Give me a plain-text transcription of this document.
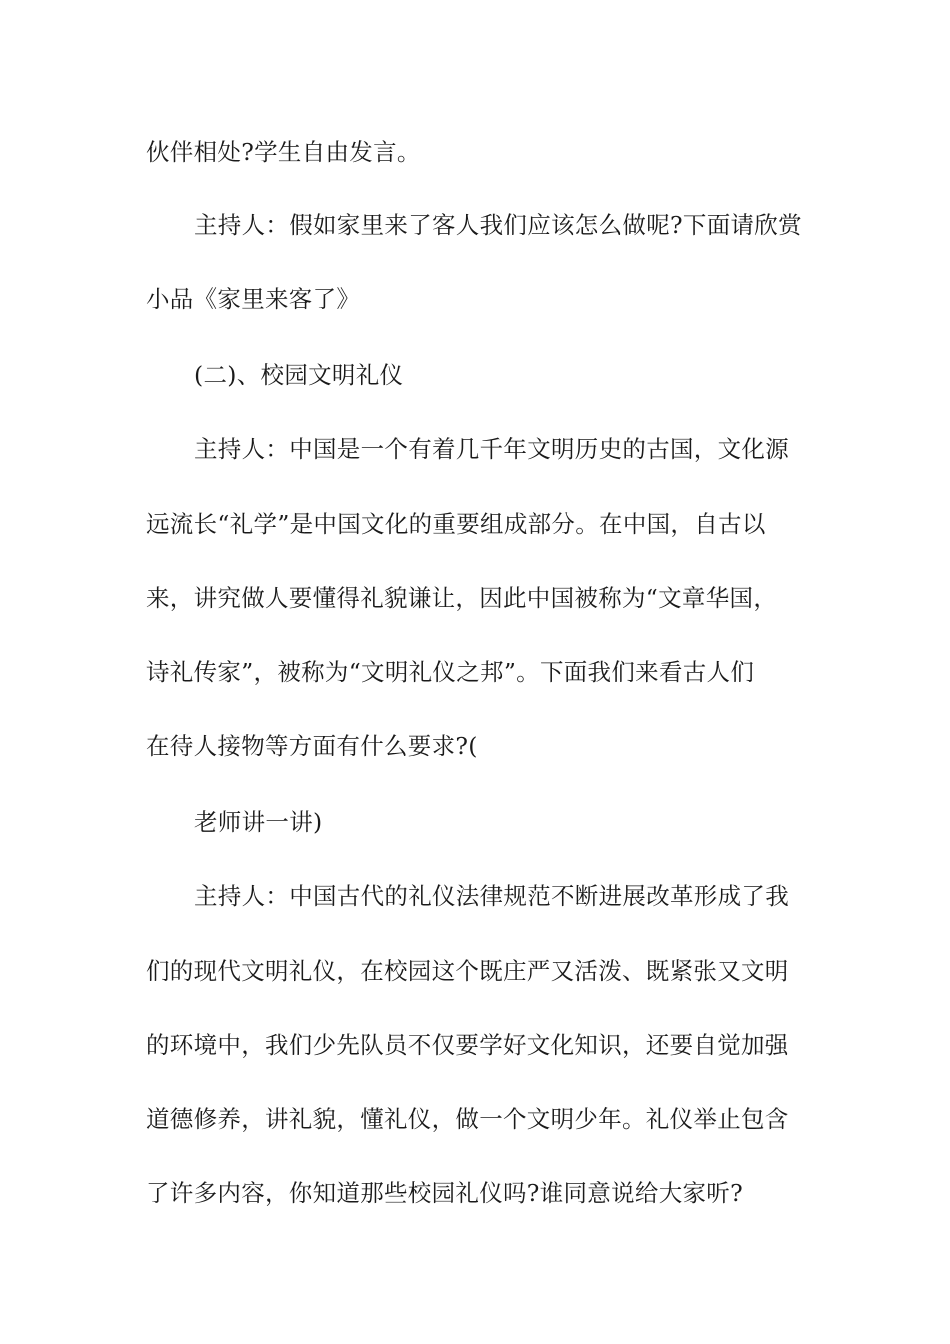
伙伴相处?学生自由发言。
主持人：假如家里来了客人我们应该怎么做呢?下面请欣赏
小品《家里来客了》
(二)、校园文明礼仪
主持人：中国是一个有着几千年文明历史的古国，文化源
远流长“礼学”是中国文化的重要组成部分。在中国，自古以
来，讲究做人要懂得礼貌谦让，因此中国被称为“文章华国，
诗礼传家”，被称为“文明礼仪之邦”。下面我们来看古人们
在待人接物等方面有什么要求?(
老师讲一讲)
主持人：中国古代的礼仪法律规范不断进展改革形成了我
们的现代文明礼仪，在校园这个既庄严又活泼、既紧张又文明
的环境中，我们少先队员不仅要学好文化知识，还要自觉加强
道德修养，讲礼貌，懂礼仪，做一个文明少年。礼仪举止包含
了许多内容，你知道那些校园礼仪吗?谁同意说给大家听?
